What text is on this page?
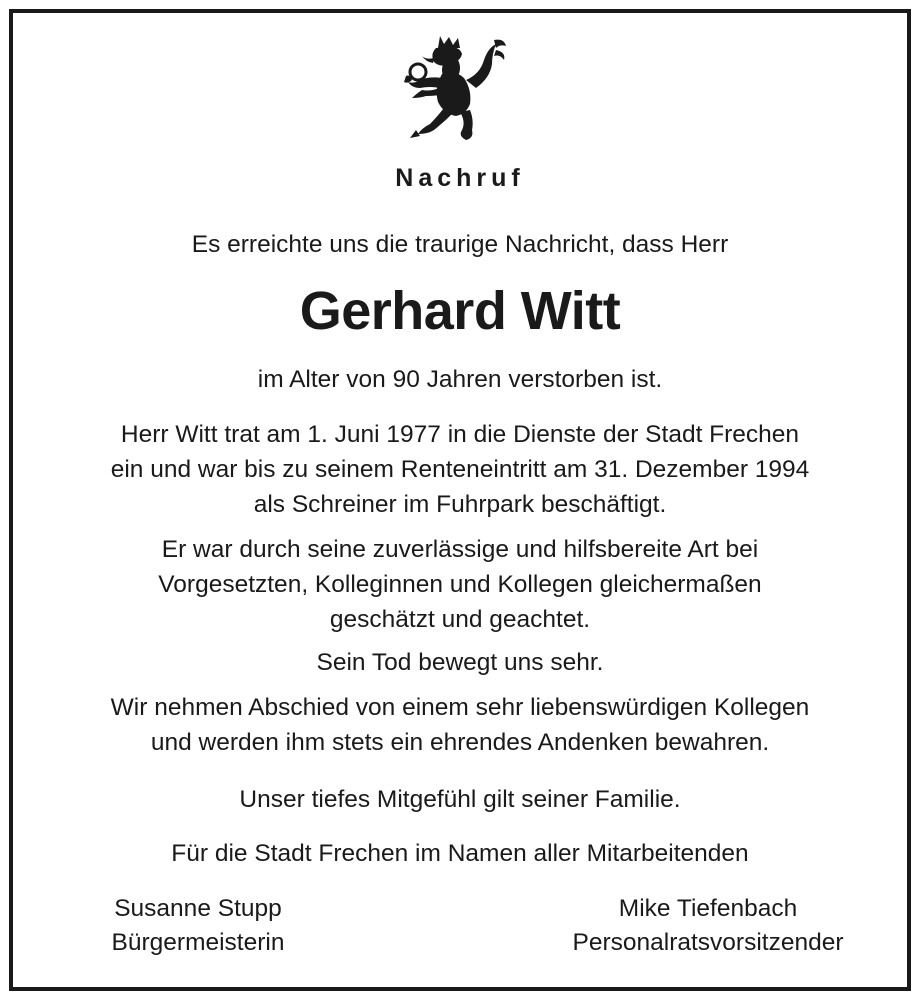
Nachruf
Es erreichte uns die traurige Nachricht, dass Herr
Gerhard Witt
im Alter von 90 Jahren verstorben ist.
Herr Witt trat am 1. Juni 1977 in die Dienste der Stadt Frechen
ein und war bis zu seinem Renteneintritt am 31. Dezember 1994
als Schreiner im Fuhrpark beschäftigt.
Er war durch seine zuverlässige und hilfsbereite Art bei
Vorgesetzten, Kolleginnen und Kollegen gleichermaßen
geschätzt und geachtet.
Sein Tod bewegt uns sehr.
Wir nehmen Abschied von einem sehr liebenswürdigen Kollegen
und werden ihm stets ein ehrendes Andenken bewahren.
Unser tiefes Mitgefühl gilt seiner Familie.
Für die Stadt Frechen im Namen aller Mitarbeitenden
Susanne Stupp
Bürgermeisterin
Mike Tiefenbach
Personalratsvorsitzender
